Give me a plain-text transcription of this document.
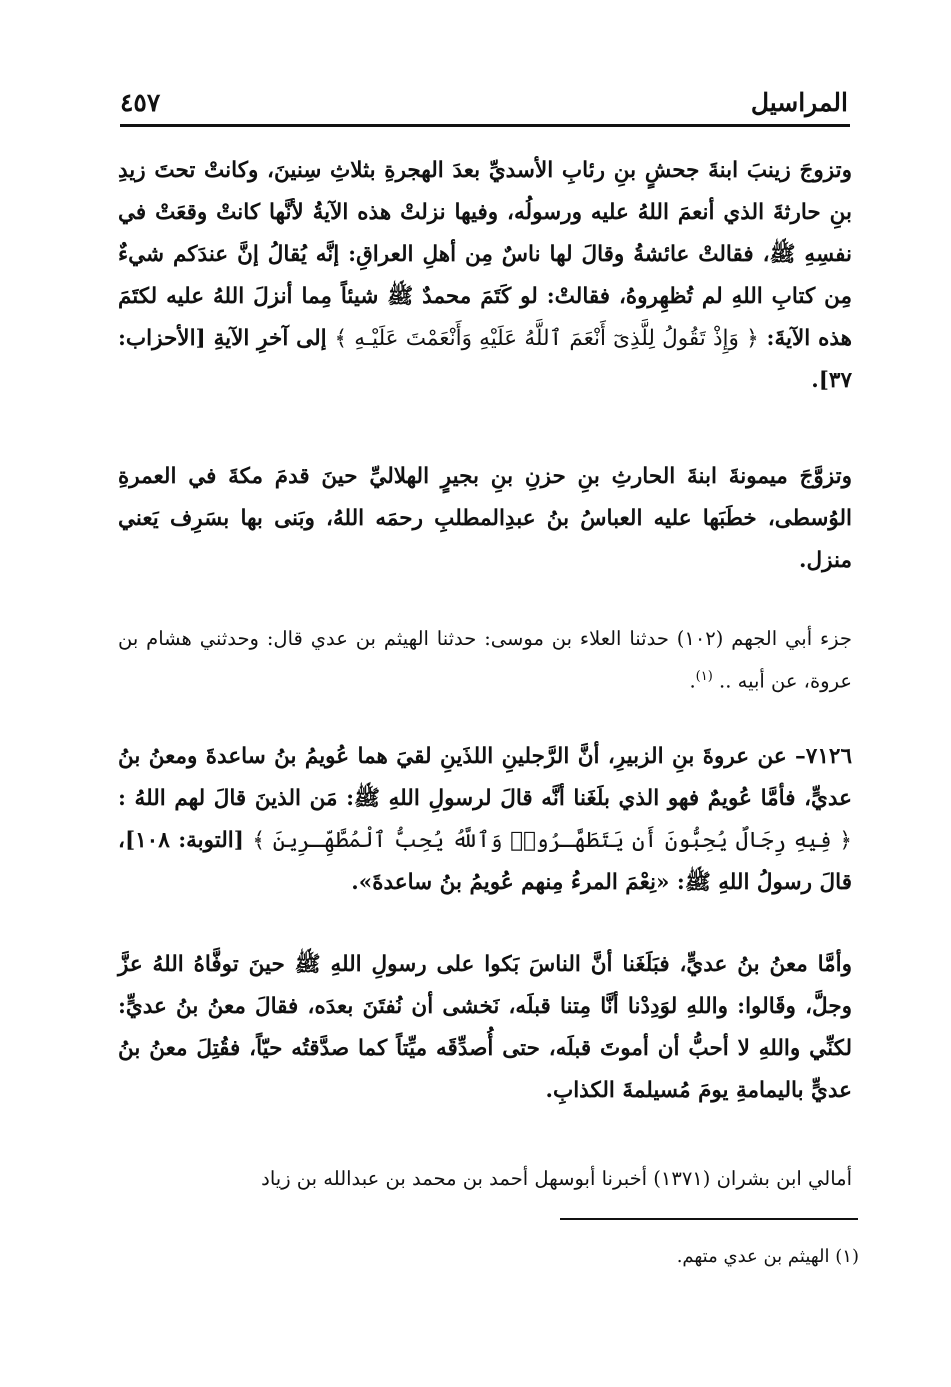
المراسيل
٤٥٧
وتزوجَ زينبَ ابنةَ جحشٍ بنِ رئابِ الأسديِّ بعدَ الهجرةِ بثلاثِ سِنينَ، وكانتْ تحتَ زيدِ بنِ حارثةَ الذي أنعمَ اللهُ عليه ورسولُه، وفيها نزلتْ هذه الآيةُ لأنَّها كانتْ وقعَتْ في نفسِهِ ﷺ، فقالتْ عائشةُ وقالَ لها ناسٌ مِن أهلِ العراقِ: إنَّه يُقالُ إنَّ عندَكم شيءٌ مِن كتابِ اللهِ لم تُظهِروهُ، فقالتْ: لو كَتَمَ محمدٌ ﷺ شيئاً مِما أنزلَ اللهُ عليه لكتَمَ هذه الآيةَ: ﴿ وَإِذْ تَقُولُ لِلَّذِىٓ أَنْعَمَ ٱللَّهُ عَلَيْهِ وَأَنْعَمْتَ عَلَيْـهِ ﴾ إلى آخرِ الآيةِ [الأحزاب: ٣٧].
وتزوَّجَ ميمونةَ ابنةَ الحارثِ بنِ حزنِ بنِ بجيرٍ الهلاليِّ حينَ قدمَ مكةَ في العمرةِ الوُسطى، خطَبَها عليه العباسُ بنُ عبدِالمطلبِ رحمَه اللهُ، وبَنى بها بسَرِف يَعني منزل.
جزء أبي الجهم (١٠٢) حدثنا العلاء بن موسى: حدثنا الهيثم بن عدي قال: وحدثني هشام بن عروة، عن أبيه .. $^{(١)}$.
٧١٢٦– عن عروةَ بنِ الزبيرِ، أنَّ الرَّجلينِ اللذَينِ لقيَ هما عُويمُ بنُ ساعدةَ ومعنُ بنُ عديٍّ، فأمَّا عُويمٌ فهو الذي بلَغَنا أنَّه قالَ لرسولِ اللهِ ﷺ: مَن الذينَ قالَ لهم اللهُ : ﴿ فِيهِ رِجَالٌ يُحِبُّونَ أَن يَتَطَهَّـرُوا۟ وَٱللَّهُ يُحِبُّ ٱلْمُطَّهِّـرِينَ ﴾ [التوبة: ١٠٨]، قالَ رسولُ اللهِ ﷺ: «نِعْمَ المرءُ مِنهم عُويمُ بنُ ساعدةَ».
وأمَّا معنُ بنُ عديٍّ، فبَلَغَنا أنَّ الناسَ بَكوا على رسولِ اللهِ ﷺ حينَ توفَّاهُ اللهُ عزَّ وجلَّ، وقَالوا: واللهِ لوَدِدْنا أنَّا مِتنا قبلَه، نَخشى أن نُفتَنَ بعدَه، فقالَ معنُ بنُ عديٍّ: لكنِّي واللهِ لا أحبُّ أن أموتَ قبلَه، حتى أُصدِّقَه ميِّتاً كما صدَّقتُه حيّاً، فقُتِلَ معنُ بنُ عديٍّ باليمامةِ يومَ مُسيلمةَ الكذابِ.
أمالي ابن بشران (١٣٧١) أخبرنا أبوسهل أحمد بن محمد بن عبدالله بن زياد
(١) الهيثم بن عدي متهم.
